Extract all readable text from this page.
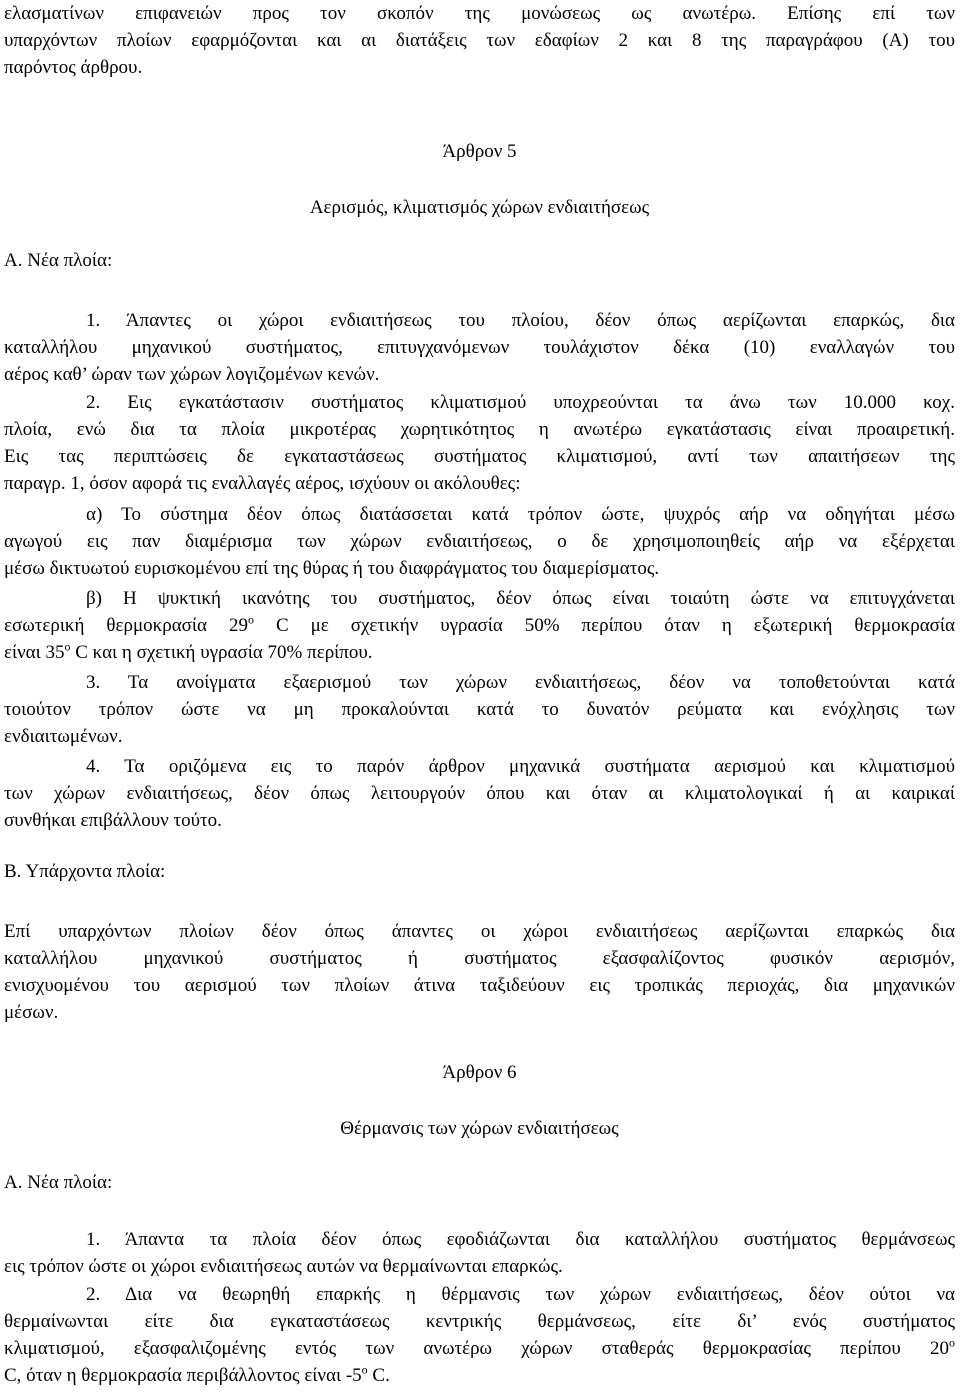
ελασματίνων επιφανειών προς τον σκοπόν της μονώσεως ως ανωτέρω. Επίσης επί των
υπαρχόντων πλοίων εφαρμόζονται και αι διατάξεις των εδαφίων 2 και 8 της παραγράφου (Α) του
παρόντος άρθρου.
Άρθρον 5
Αερισμός, κλιματισμός χώρων ενδιαιτήσεως
Α. Νέα πλοία:
1. Άπαντες οι χώροι ενδιαιτήσεως του πλοίου, δέον όπως αερίζωνται επαρκώς, δια
καταλλήλου μηχανικού συστήματος, επιτυγχανόμενων τουλάχιστον δέκα (10) εναλλαγών του
αέρος καθ’ ώραν των χώρων λογιζομένων κενών.
2. Εις εγκατάστασιν συστήματος κλιματισμού υποχρεούνται τα άνω των 10.000 κοχ.
πλοία, ενώ δια τα πλοία μικροτέρας χωρητικότητος η ανωτέρω εγκατάστασις είναι προαιρετική.
Εις τας περιπτώσεις δε εγκαταστάσεως συστήματος κλιματισμού, αντί των απαιτήσεων της
παραγρ. 1, όσον αφορά τις εναλλαγές αέρος, ισχύουν οι ακόλουθες:
α) Το σύστημα δέον όπως διατάσσεται κατά τρόπον ώστε, ψυχρός αήρ να οδηγήται μέσω
αγωγού εις παν διαμέρισμα των χώρων ενδιαιτήσεως, ο δε χρησιμοποιηθείς αήρ να εξέρχεται
μέσω δικτυωτού ευρισκομένου επί της θύρας ή του διαφράγματος του διαμερίσματος.
β) Η ψυκτική ικανότης του συστήματος, δέον όπως είναι τοιαύτη ώστε να επιτυγχάνεται
εσωτερική θερμοκρασία $29^o$ C με σχετικήν υγρασία 50% περίπου όταν η εξωτερική θερμοκρασία
είναι $35^o$ C και η σχετική υγρασία 70% περίπου.
3. Τα ανοίγματα εξαερισμού των χώρων ενδιαιτήσεως, δέον να τοποθετούνται κατά
τοιούτον τρόπον ώστε να μη προκαλούνται κατά το δυνατόν ρεύματα και ενόχλησις των
ενδιαιτωμένων.
4. Τα οριζόμενα εις το παρόν άρθρον μηχανικά συστήματα αερισμού και κλιματισμού
των χώρων ενδιαιτήσεως, δέον όπως λειτουργούν όπου και όταν αι κλιματολογικαί ή αι καιρικαί
συνθήκαι επιβάλλουν τούτο.
Β. Υπάρχοντα πλοία:
Επί υπαρχόντων πλοίων δέον όπως άπαντες οι χώροι ενδιαιτήσεως αερίζωνται επαρκώς δια
καταλλήλου μηχανικού συστήματος ή συστήματος εξασφαλίζοντος φυσικόν αερισμόν,
ενισχυομένου του αερισμού των πλοίων άτινα ταξιδεύουν εις τροπικάς περιοχάς, δια μηχανικών
μέσων.
Άρθρον 6
Θέρμανσις των χώρων ενδιαιτήσεως
Α. Νέα πλοία:
1. Άπαντα τα πλοία δέον όπως εφοδιάζωνται δια καταλλήλου συστήματος θερμάνσεως
εις τρόπον ώστε οι χώροι ενδιαιτήσεως αυτών να θερμαίνωνται επαρκώς.
2. Δια να θεωρηθή επαρκής η θέρμανσις των χώρων ενδιαιτήσεως, δέον ούτοι να
θερμαίνωνται είτε δια εγκαταστάσεως κεντρικής θερμάνσεως, είτε δι’ ενός συστήματος
κλιματισμού, εξασφαλιζομένης εντός των ανωτέρω χώρων σταθεράς θερμοκρασίας περίπου $20^o$
C, όταν η θερμοκρασία περιβάλλοντος είναι $-5^o$ C.
